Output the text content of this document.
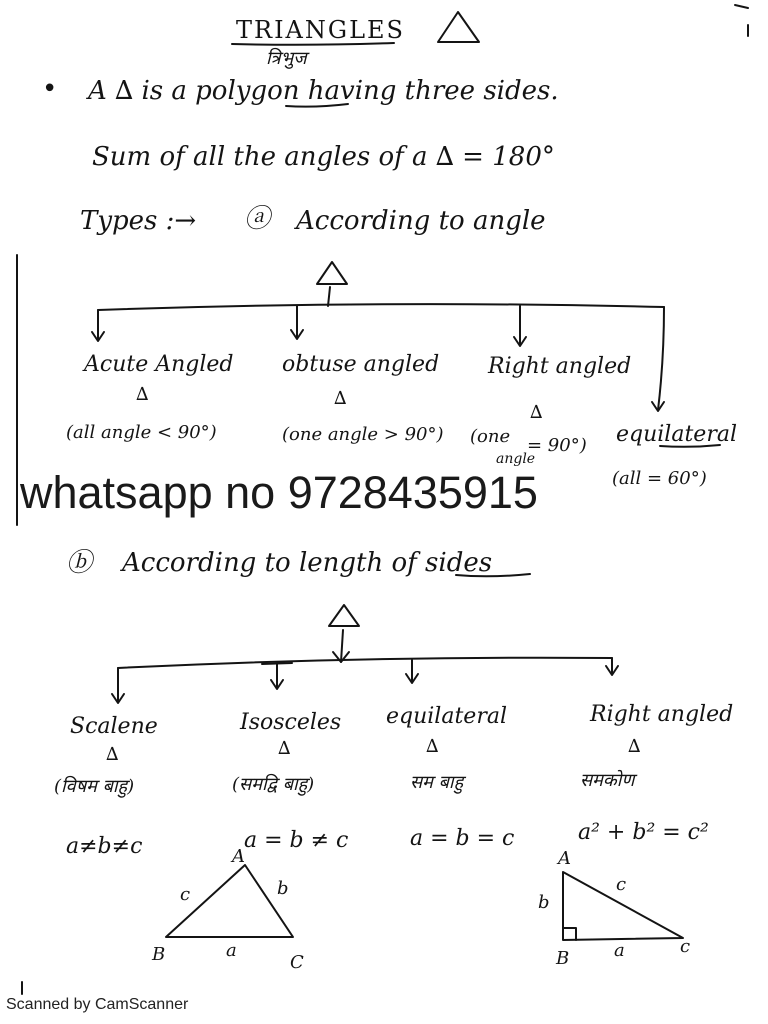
TRIANGLES
त्रिभुज
• A ∆ is a polygon having three sides.
Sum of all the angles of a ∆ = 180°
Types :→ ⓐ According to angle
Acute Angled
∆
(all angle < 90°)
obtuse angled
∆
(one angle > 90°)
Right angled
∆
(one
angle
= 90°) equilateral
(all = 60°)
whatsapp no 9728435915
ⓑ According to length of sides
Scalene
∆
(विषम बाहु)
a≠b≠c
Isosceles
∆
(समद्वि बाहु)
a = b ≠ c
equilateral
∆
सम बाहु
a = b = c
Right angled
∆
समकोण
a² + b² = c²
A
B	C
c	b
a
A
B
c
b
c
a
Scanned by CamScanner
